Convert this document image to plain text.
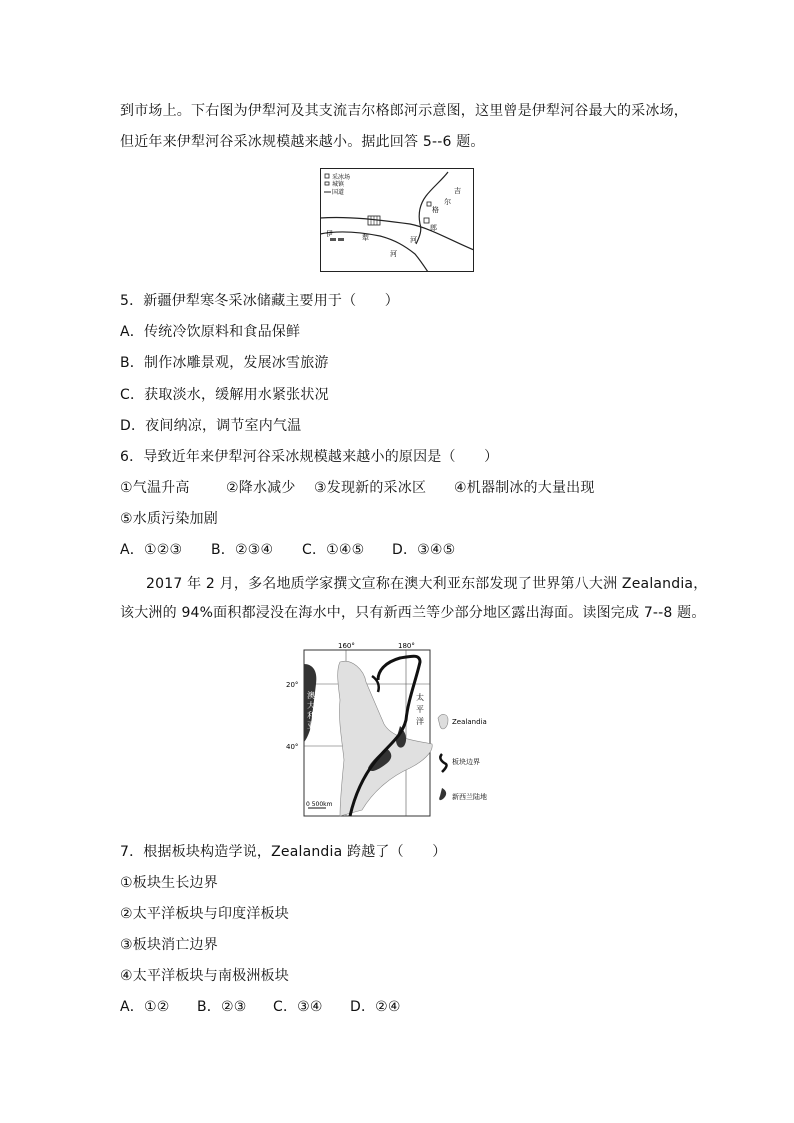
到市场上。下右图为伊犁河及其支流吉尔格郎河示意图，这里曾是伊犁河谷最大的采冰场，
但近年来伊犁河谷采冰规模越来越小。据此回答 5--6 题。
采冰场
城镇
国道	吉
尔
格
郎
伊	犁	河
河
5．新疆伊犁寒冬采冰储藏主要用于（　　）
A．传统冷饮原料和食品保鲜
B．制作冰雕景观，发展冰雪旅游
C．获取淡水，缓解用水紧张状况
D．夜间纳凉，调节室内气温
6．导致近年来伊犁河谷采冰规模越来越小的原因是（　　）
①气温升高	②降水减少 ③发现新的采冰区 ④机器制冰的大量出现
⑤水质污染加剧
A．①②③ B．②③④ C．①④⑤ D．③④⑤
2017 年 2 月，多名地质学家撰文宣称在澳大利亚东部发现了世界第八大洲 Zealandia，
该大洲的 94%面积都浸没在海水中，只有新西兰等少部分地区露出海面。读图完成 7--8 题。
160°	180°
20°
40°
澳
大
利
亚
太
平
洋
0 500km
Zealandia
板块边界
新西兰陆地
7．根据板块构造学说，Zealandia 跨越了（　　）
①板块生长边界
②太平洋板块与印度洋板块
③板块消亡边界
④太平洋板块与南极洲板块
A．①② B．②③ C．③④ D．②④
